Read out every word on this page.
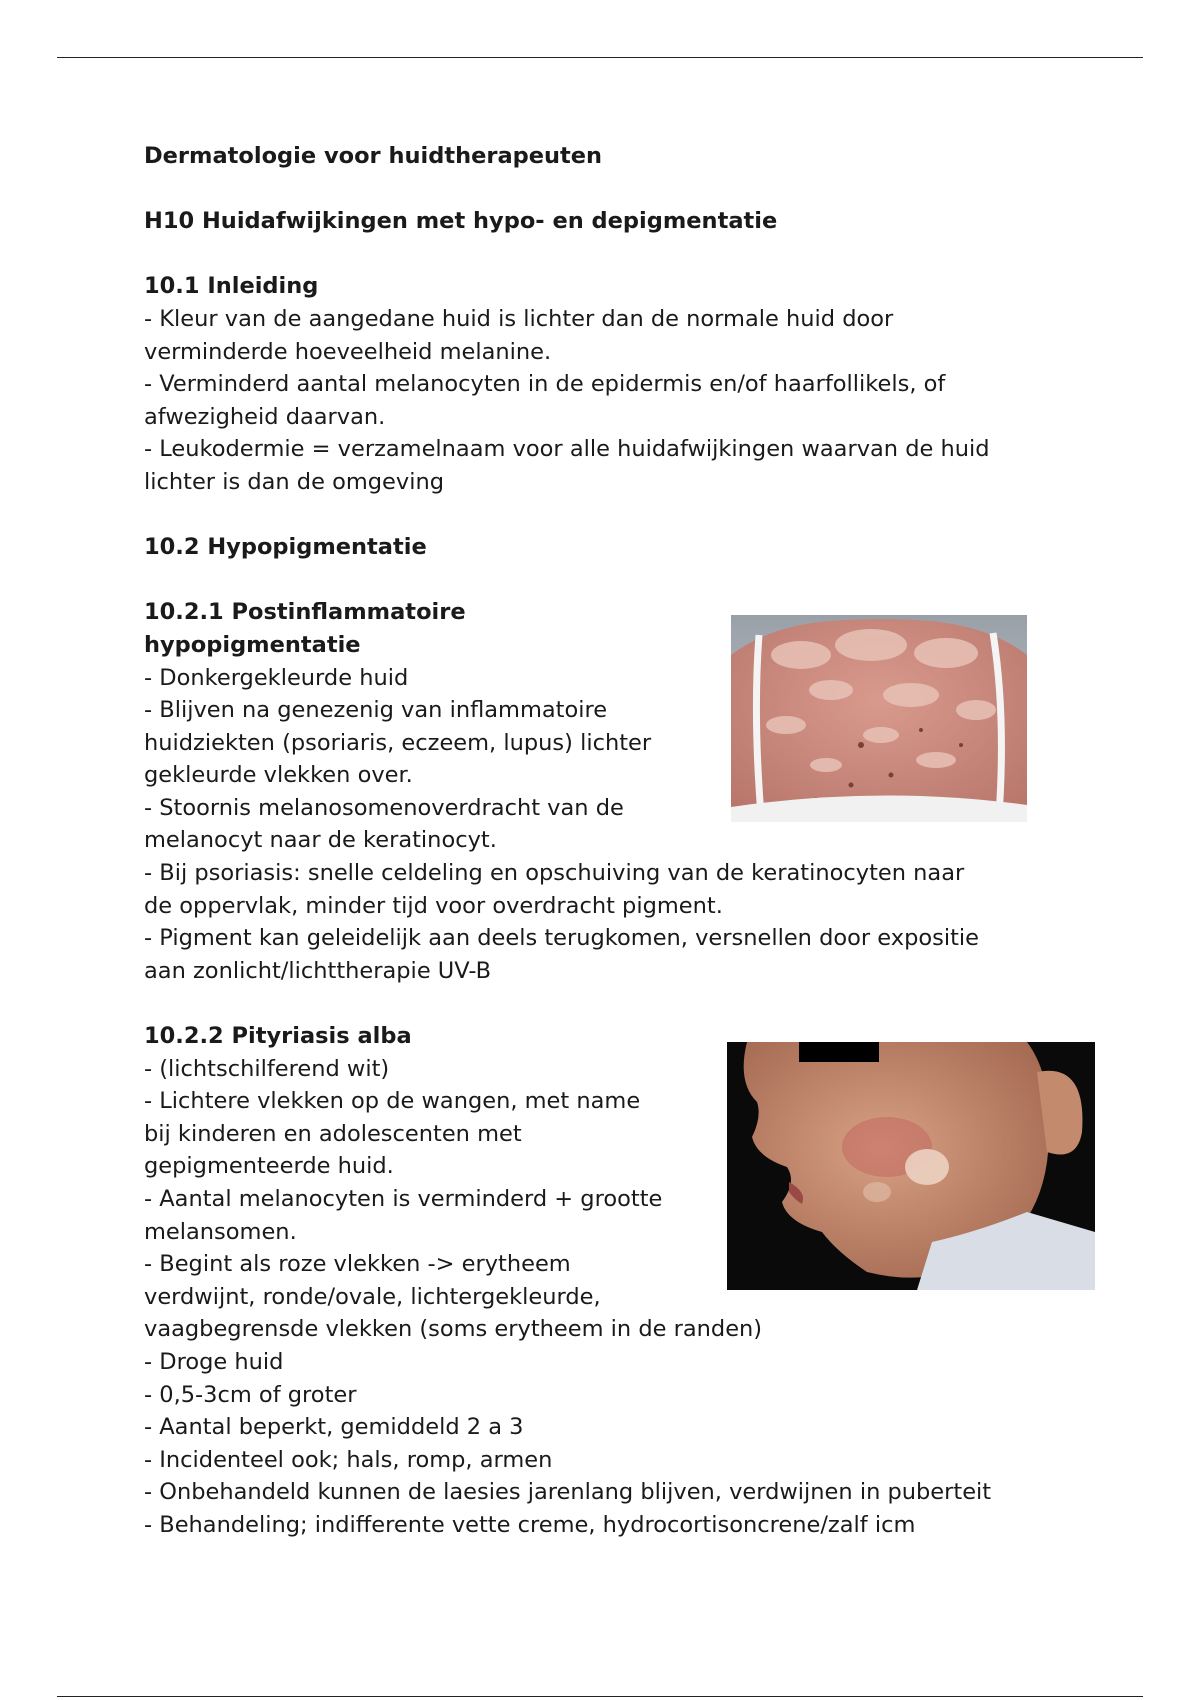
Dermatologie voor huidtherapeuten

H10 Huidafwijkingen met hypo- en depigmentatie

10.1 Inleiding

- Kleur van de aangedane huid is lichter dan de normale huid door

verminderde hoeveelheid melanine.

- Verminderd aantal melanocyten in de epidermis en/of haarfollikels, of

afwezigheid daarvan.

- Leukodermie = verzamelnaam voor alle huidafwijkingen waarvan de huid

lichter is dan de omgeving

10.2 Hypopigmentatie

10.2.1 Postinflammatoire

hypopigmentatie

- Donkergekleurde huid

- Blijven na genezenig van inflammatoire

huidziekten (psoriaris, eczeem, lupus) lichter

gekleurde vlekken over.

- Stoornis melanosomenoverdracht van de

melanocyt naar de keratinocyt.

- Bij psoriasis: snelle celdeling en opschuiving van de keratinocyten naar

de oppervlak, minder tijd voor overdracht pigment.

- Pigment kan geleidelijk aan deels terugkomen, versnellen door expositie

aan zonlicht/lichttherapie UV-B

10.2.2 Pityriasis alba

- (lichtschilferend wit)

- Lichtere vlekken op de wangen, met name

bij kinderen en adolescenten met

gepigmenteerde huid.

- Aantal melanocyten is verminderd + grootte

melansomen.

- Begint als roze vlekken -> erytheem

verdwijnt, ronde/ovale, lichtergekleurde,

vaagbegrensde vlekken (soms erytheem in de randen)

- Droge huid

- 0,5-3cm of groter

- Aantal beperkt, gemiddeld 2 a 3

- Incidenteel ook; hals, romp, armen

- Onbehandeld kunnen de laesies jarenlang blijven, verdwijnen in puberteit

- Behandeling; indifferente vette creme, hydrocortisoncrene/zalf icm
